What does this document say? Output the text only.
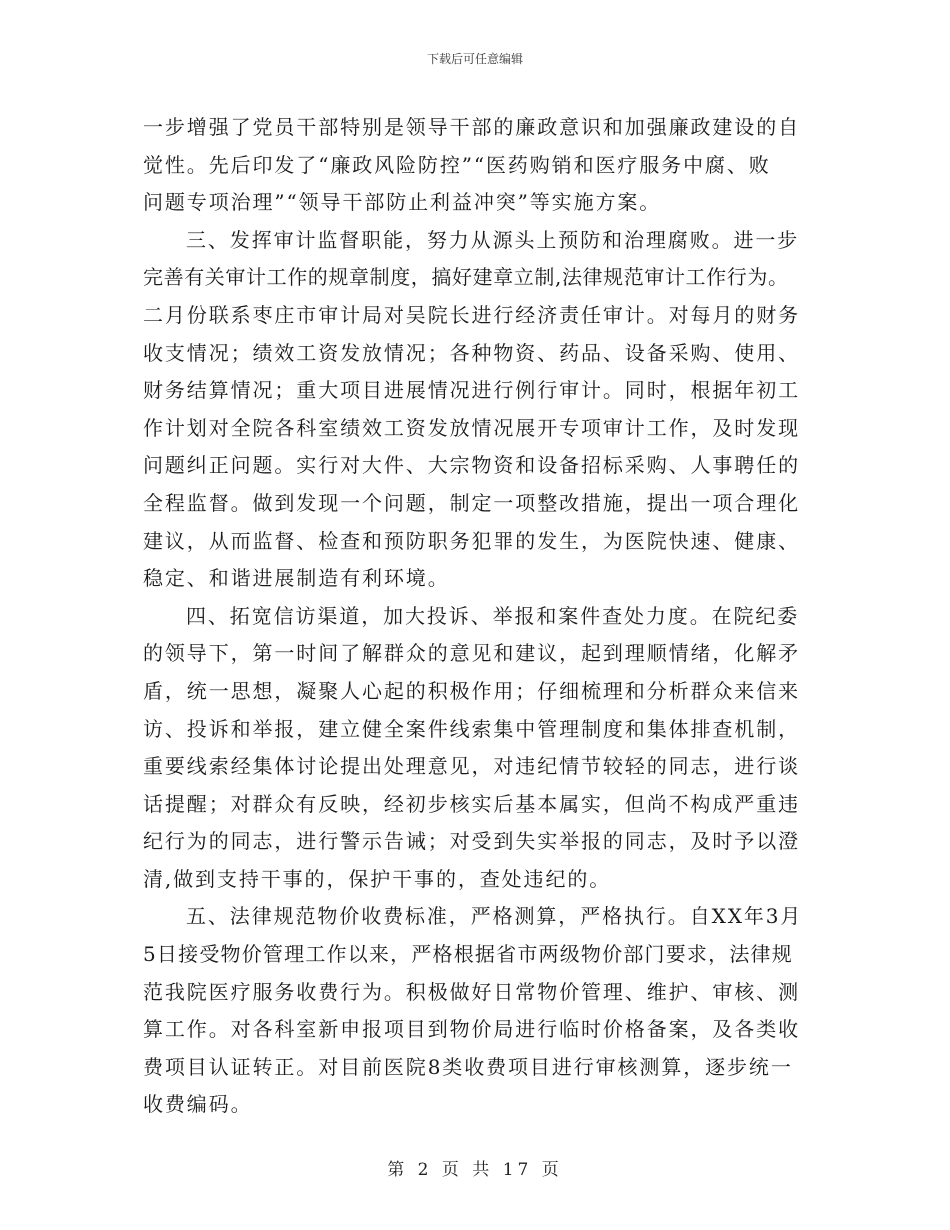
下载后可任意编辑
一步增强了党员干部特别是领导干部的廉政意识和加强廉政建设的自
觉性。先后印发了“廉政风险防控”“医药购销和医疗服务中腐、败
问题专项治理”“领导干部防止利益冲突”等实施方案。
三、发挥审计监督职能，努力从源头上预防和治理腐败。进一步
完善有关审计工作的规章制度，搞好建章立制,法律规范审计工作行为。
二月份联系枣庄市审计局对吴院长进行经济责任审计。对每月的财务
收支情况；绩效工资发放情况；各种物资、药品、设备采购、使用、
财务结算情况；重大项目进展情况进行例行审计。同时，根据年初工
作计划对全院各科室绩效工资发放情况展开专项审计工作，及时发现
问题纠正问题。实行对大件、大宗物资和设备招标采购、人事聘任的
全程监督。做到发现一个问题，制定一项整改措施，提出一项合理化
建议，从而监督、检查和预防职务犯罪的发生，为医院快速、健康、
稳定、和谐进展制造有利环境。
四、拓宽信访渠道，加大投诉、举报和案件查处力度。在院纪委
的领导下，第一时间了解群众的意见和建议，起到理顺情绪，化解矛
盾，统一思想，凝聚人心起的积极作用；仔细梳理和分析群众来信来
访、投诉和举报，建立健全案件线索集中管理制度和集体排查机制，
重要线索经集体讨论提出处理意见，对违纪情节较轻的同志，进行谈
话提醒；对群众有反映，经初步核实后基本属实，但尚不构成严重违
纪行为的同志，进行警示告诫；对受到失实举报的同志，及时予以澄
清,做到支持干事的，保护干事的，查处违纪的。
五、法律规范物价收费标准，严格测算，严格执行。自XX年3月
5日接受物价管理工作以来，严格根据省市两级物价部门要求，法律规
范我院医疗服务收费行为。积极做好日常物价管理、维护、审核、测
算工作。对各科室新申报项目到物价局进行临时价格备案，及各类收
费项目认证转正。对目前医院8类收费项目进行审核测算，逐步统一
收费编码。
第 2 页 共 17 页
